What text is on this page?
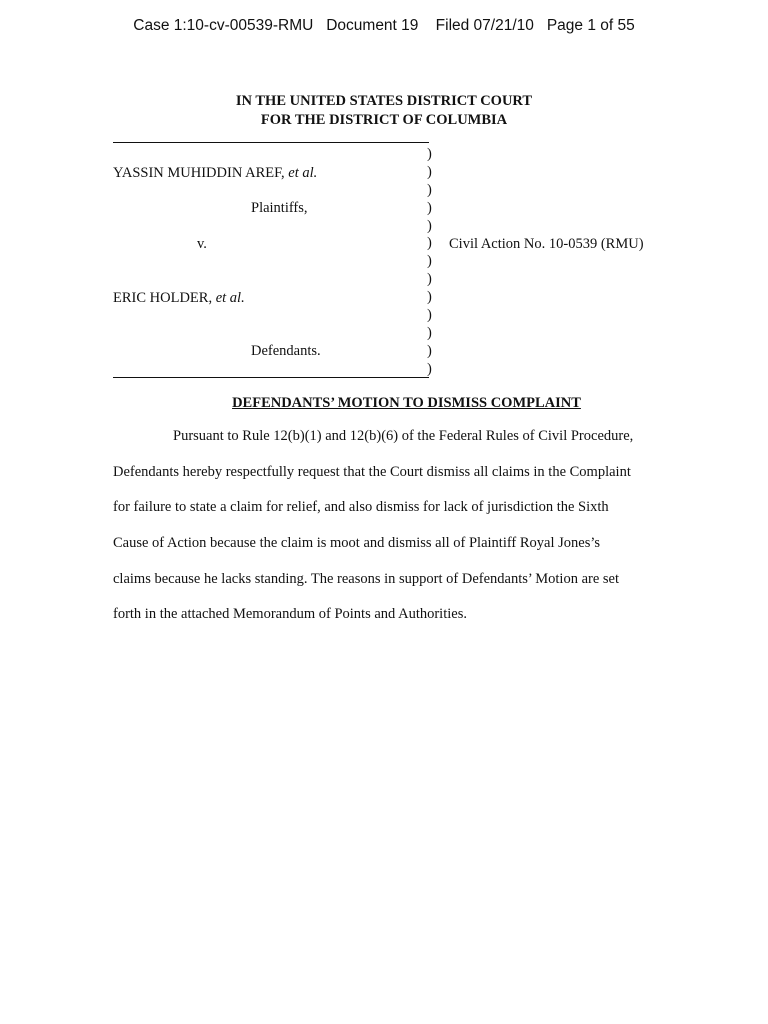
Case 1:10-cv-00539-RMU Document 19 Filed 07/21/10 Page 1 of 55
IN THE UNITED STATES DISTRICT COURT
FOR THE DISTRICT OF COLUMBIA
YASSIN MUHIDDIN AREF, et al.
Plaintiffs,
v.
ERIC HOLDER, et al.
Defendants.
)
)
)
)
)
)
)
)
)
)
)
)
)
Civil Action No. 10-0539 (RMU)
DEFENDANTS’ MOTION TO DISMISS COMPLAINT
Pursuant to Rule 12(b)(1) and 12(b)(6) of the Federal Rules of Civil Procedure,
Defendants hereby respectfully request that the Court dismiss all claims in the Complaint
for failure to state a claim for relief, and also dismiss for lack of jurisdiction the Sixth
Cause of Action because the claim is moot and dismiss all of Plaintiff Royal Jones’s
claims because he lacks standing. The reasons in support of Defendants’ Motion are set
forth in the attached Memorandum of Points and Authorities.
